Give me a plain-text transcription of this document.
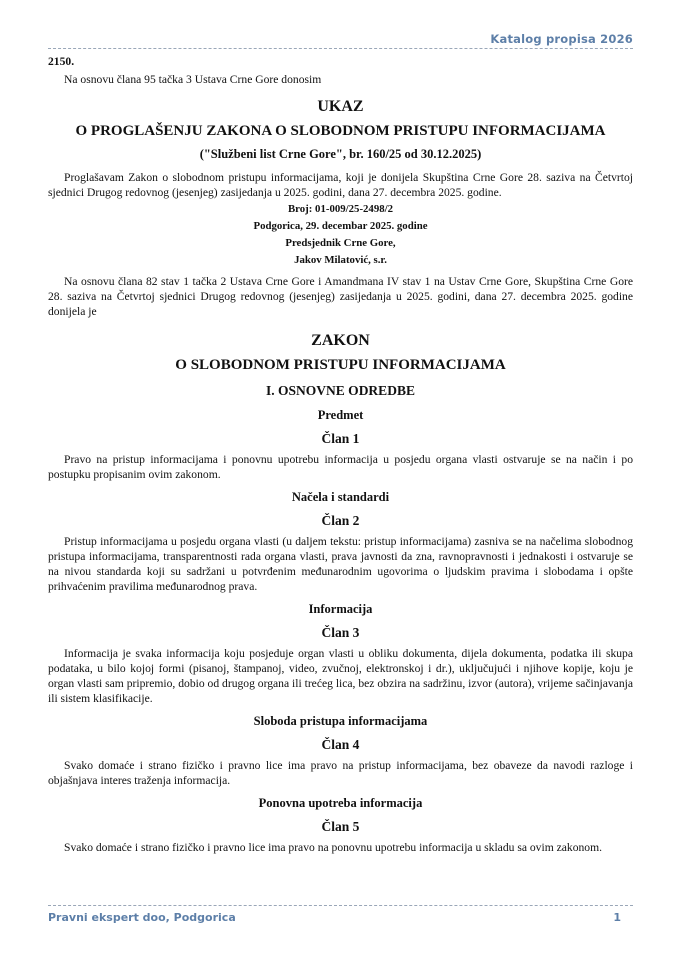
Katalog propisa 2026
2150.

Na osnovu člana 95 tačka 3 Ustava Crne Gore donosim

UKAZ
O PROGLAŠENJU ZAKONA O SLOBODNOM PRISTUPU INFORMACIJAMA
("Službeni list Crne Gore", br. 160/25 od 30.12.2025)

Proglašavam Zakon o slobodnom pristupu informacijama, koji je donijela Skupština Crne Gore 28. saziva na Četvrtoj sjednici Drugog redovnog (jesenjeg) zasijedanja u 2025. godini, dana 27. decembra 2025. godine.

Broj: 01-009/25-2498/2
Podgorica, 29. decembar 2025. godine
Predsjednik Crne Gore,
Jakov Milatović, s.r.

Na osnovu člana 82 stav 1 tačka 2 Ustava Crne Gore i Amandmana IV stav 1 na Ustav Crne Gore, Skupština Crne Gore 28. saziva na Četvrtoj sjednici Drugog redovnog (jesenjeg) zasijedanja u 2025. godini, dana 27. decembra 2025. godine donijela je

ZAKON
O SLOBODNOM PRISTUPU INFORMACIJAMA
I. OSNOVNE ODREDBE
Predmet
Član 1

Pravo na pristup informacijama i ponovnu upotrebu informacija u posjedu organa vlasti ostvaruje se na način i po postupku propisanim ovim zakonom.

Načela i standardi
Član 2

Pristup informacijama u posjedu organa vlasti (u daljem tekstu: pristup informacijama) zasniva se na načelima slobodnog pristupa informacijama, transparentnosti rada organa vlasti, prava javnosti da zna, ravnopravnosti i jednakosti i ostvaruje se na nivou standarda koji su sadržani u potvrđenim međunarodnim ugovorima o ljudskim pravima i slobodama i opšte prihvaćenim pravilima međunarodnog prava.

Informacija
Član 3

Informacija je svaka informacija koju posjeduje organ vlasti u obliku dokumenta, dijela dokumenta, podatka ili skupa podataka, u bilo kojoj formi (pisanoj, štampanoj, video, zvučnoj, elektronskoj i dr.), uključujući i njihove kopije, koju je organ vlasti sam pripremio, dobio od drugog organa ili trećeg lica, bez obzira na sadržinu, izvor (autora), vrijeme sačinjavanja ili sistem klasifikacije.

Sloboda pristupa informacijama
Član 4

Svako domaće i strano fizičko i pravno lice ima pravo na pristup informacijama, bez obaveze da navodi razloge i objašnjava interes traženja informacija.

Ponovna upotreba informacija
Član 5

Svako domaće i strano fizičko i pravno lice ima pravo na ponovnu upotrebu informacija u skladu sa ovim zakonom.

Pravni ekspert doo, Podgorica	1
